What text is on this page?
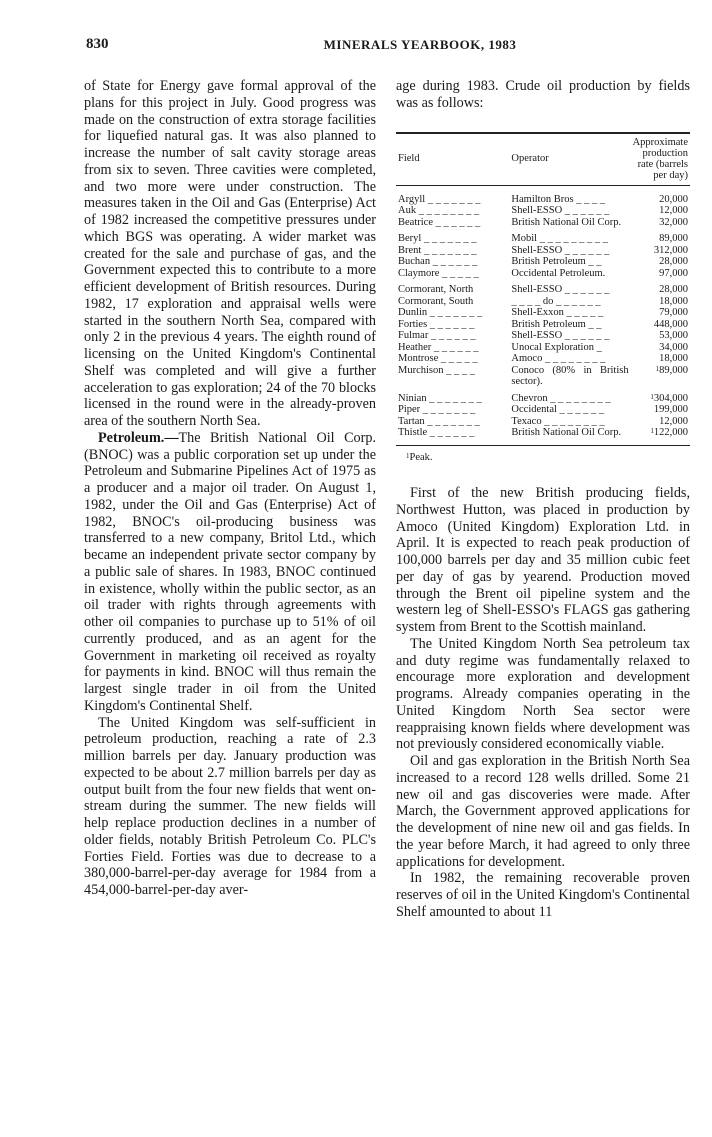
830	MINERALS YEARBOOK, 1983

of State for Energy gave formal approval of the plans for this project in July. Good progress was made on the construction of extra storage facilities for liquefied natural gas. It was also planned to increase the number of salt cavity storage areas from six to seven. Three cavities were completed, and two more were under construction. The measures taken in the Oil and Gas (Enterprise) Act of 1982 increased the competitive pressures under which BGS was operating. A wider market was created for the sale and purchase of gas, and the Government expected this to contribute to a more efficient development of British resources. During 1982, 17 exploration and appraisal wells were started in the southern North Sea, compared with only 2 in the previous 4 years. The eighth round of licensing on the United Kingdom's Continental Shelf was completed and will give a further acceleration to gas exploration; 24 of the 70 blocks licensed in the round were in the already-proven area of the southern North Sea.

Petroleum.—The British National Oil Corp. (BNOC) was a public corporation set up under the Petroleum and Submarine Pipelines Act of 1975 as a producer and a major oil trader. On August 1, 1982, under the Oil and Gas (Enterprise) Act of 1982, BNOC's oil-producing business was transferred to a new company, Britol Ltd., which became an independent private sector company by a public sale of shares. In 1983, BNOC continued in existence, wholly within the public sector, as an oil trader with rights through agreements with other oil companies to purchase up to 51% of oil currently produced, and as an agent for the Government in marketing oil received as royalty for payments in kind. BNOC will thus remain the largest single trader in oil from the United Kingdom's Continental Shelf.

The United Kingdom was self-sufficient in petroleum production, reaching a rate of 2.3 million barrels per day. January production was expected to be about 2.7 million barrels per day as output built from the four new fields that went on-stream during the summer. The new fields will help replace production declines in a number of older fields, notably British Petroleum Co. PLC's Forties Field. Forties was due to decrease to a 380,000-barrel-per-day average for 1984 from a 454,000-barrel-per-day aver-

age during 1983. Crude oil production by fields was as follows:

Field	Operator	Approximate production rate (barrels per day)
Argyll _ _ _ _ _ _ _	Hamilton Bros _ _ _ _	20,000
Auk _ _ _ _ _ _ _ _	Shell-ESSO _ _ _ _ _ _	12,000
Beatrice _ _ _ _ _ _	British National Oil Corp.	32,000
Beryl _ _ _ _ _ _ _	Mobil _ _ _ _ _ _ _ _ _	89,000
Brent _ _ _ _ _ _ _	Shell-ESSO _ _ _ _ _ _	312,000
Buchan _ _ _ _ _ _	British Petroleum _ _	28,000
Claymore _ _ _ _ _	Occidental Petroleum.	97,000
Cormorant, North	Shell-ESSO _ _ _ _ _ _	28,000
Cormorant, South	_ _ _ _ do _ _ _ _ _ _	18,000
Dunlin _ _ _ _ _ _ _	Shell-Exxon _ _ _ _ _	79,000
Forties _ _ _ _ _ _	British Petroleum _ _	448,000
Fulmar _ _ _ _ _ _	Shell-ESSO _ _ _ _ _ _	53,000
Heather _ _ _ _ _ _	Unocal Exploration _	34,000
Montrose _ _ _ _ _	Amoco _ _ _ _ _ _ _ _	18,000
Murchison _ _ _ _	Conoco (80% in British sector).	$^1$89,000
Ninian _ _ _ _ _ _ _	Chevron _ _ _ _ _ _ _ _	$^1$304,000
Piper _ _ _ _ _ _ _	Occidental _ _ _ _ _ _	199,000
Tartan _ _ _ _ _ _ _	Texaco _ _ _ _ _ _ _ _	12,000
Thistle _ _ _ _ _ _	British National Oil Corp.	$^1$122,000
$^1$Peak.

First of the new British producing fields, Northwest Hutton, was placed in production by Amoco (United Kingdom) Exploration Ltd. in April. It is expected to reach peak production of 100,000 barrels per day and 35 million cubic feet per day of gas by yearend. Production moved through the Brent oil pipeline system and the western leg of Shell-ESSO's FLAGS gas gathering system from Brent to the Scottish mainland.

The United Kingdom North Sea petroleum tax and duty regime was fundamentally relaxed to encourage more exploration and development programs. Already companies operating in the United Kingdom North Sea sector were reappraising known fields where development was not previously considered economically viable.

Oil and gas exploration in the British North Sea increased to a record 128 wells drilled. Some 21 new oil and gas discoveries were made. After March, the Government approved applications for the development of nine new oil and gas fields. In the year before March, it had agreed to only three applications for development.

In 1982, the remaining recoverable proven reserves of oil in the United Kingdom's Continental Shelf amounted to about 11
